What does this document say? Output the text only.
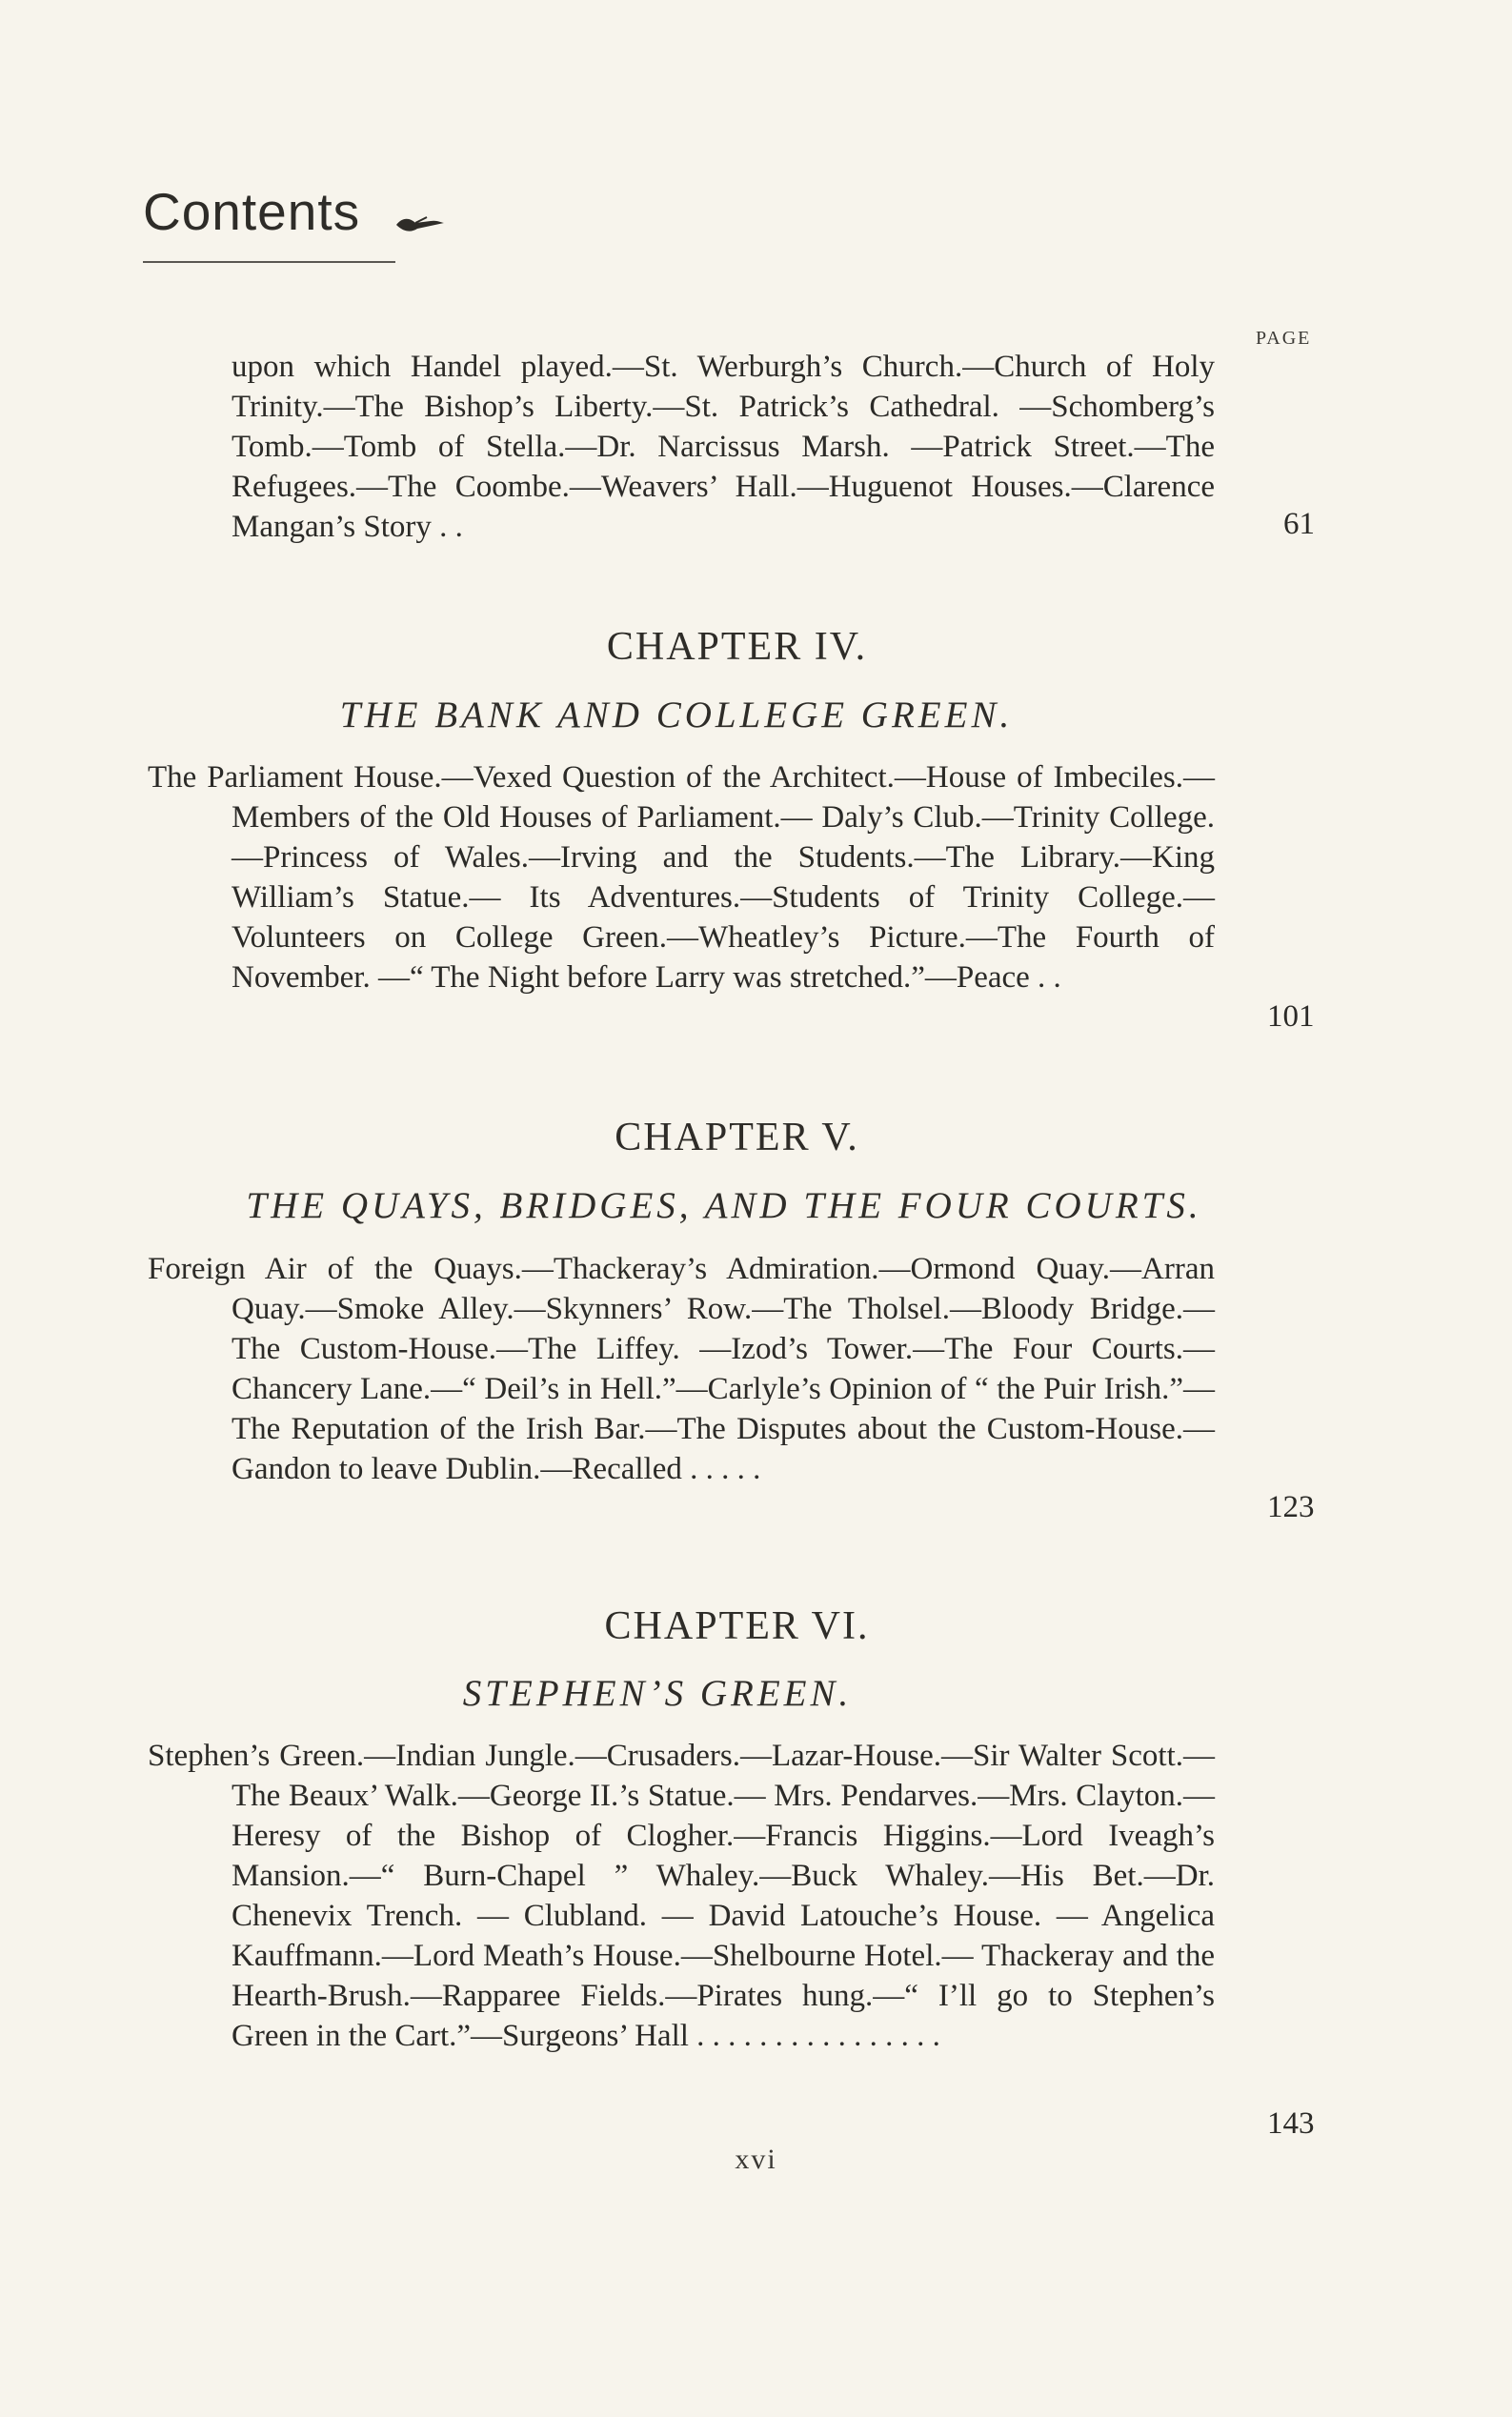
Contents
PAGE
upon which Handel played.—St. Werburgh’s Church.—Church of Holy Trinity.—The Bishop’s Liberty.—St. Patrick’s Cathedral. —Schomberg’s Tomb.—Tomb of Stella.—Dr. Narcissus Marsh. —Patrick Street.—The Refugees.—The Coombe.—Weavers’ Hall.—Huguenot Houses.—Clarence Mangan’s Story . .	61
CHAPTER IV.
THE BANK AND COLLEGE GREEN.
The Parliament House.—Vexed Question of the Architect.—House of Imbeciles.—Members of the Old Houses of Parliament.— Daly’s Club.—Trinity College.—Princess of Wales.—Irving and the Students.—The Library.—King William’s Statue.— Its Adventures.—Students of Trinity College.—Volunteers on College Green.—Wheatley’s Picture.—The Fourth of November. —“ The Night before Larry was stretched.”—Peace . .
101
CHAPTER V.
THE QUAYS, BRIDGES, AND THE FOUR COURTS.
Foreign Air of the Quays.—Thackeray’s Admiration.—Ormond Quay.—Arran Quay.—Smoke Alley.—Skynners’ Row.—The Tholsel.—Bloody Bridge.—The Custom-House.—The Liffey. —Izod’s Tower.—The Four Courts.—Chancery Lane.—“ Deil’s in Hell.”—Carlyle’s Opinion of “ the Puir Irish.”—The Reputation of the Irish Bar.—The Disputes about the Custom-House.—Gandon to leave Dublin.—Recalled . . . . .
123
CHAPTER VI.
STEPHEN’S GREEN.
Stephen’s Green.—Indian Jungle.—Crusaders.—Lazar-House.—Sir Walter Scott.—The Beaux’ Walk.—George II.’s Statue.— Mrs. Pendarves.—Mrs. Clayton.—Heresy of the Bishop of Clogher.—Francis Higgins.—Lord Iveagh’s Mansion.—“ Burn-Chapel ” Whaley.—Buck Whaley.—His Bet.—Dr. Chenevix Trench. — Clubland. — David Latouche’s House. — Angelica Kauffmann.—Lord Meath’s House.—Shelbourne Hotel.— Thackeray and the Hearth-Brush.—Rapparee Fields.—Pirates hung.—“ I’ll go to Stephen’s Green in the Cart.”—Surgeons’ Hall . . . . . . . . . . . . . . . .
143
xvi
